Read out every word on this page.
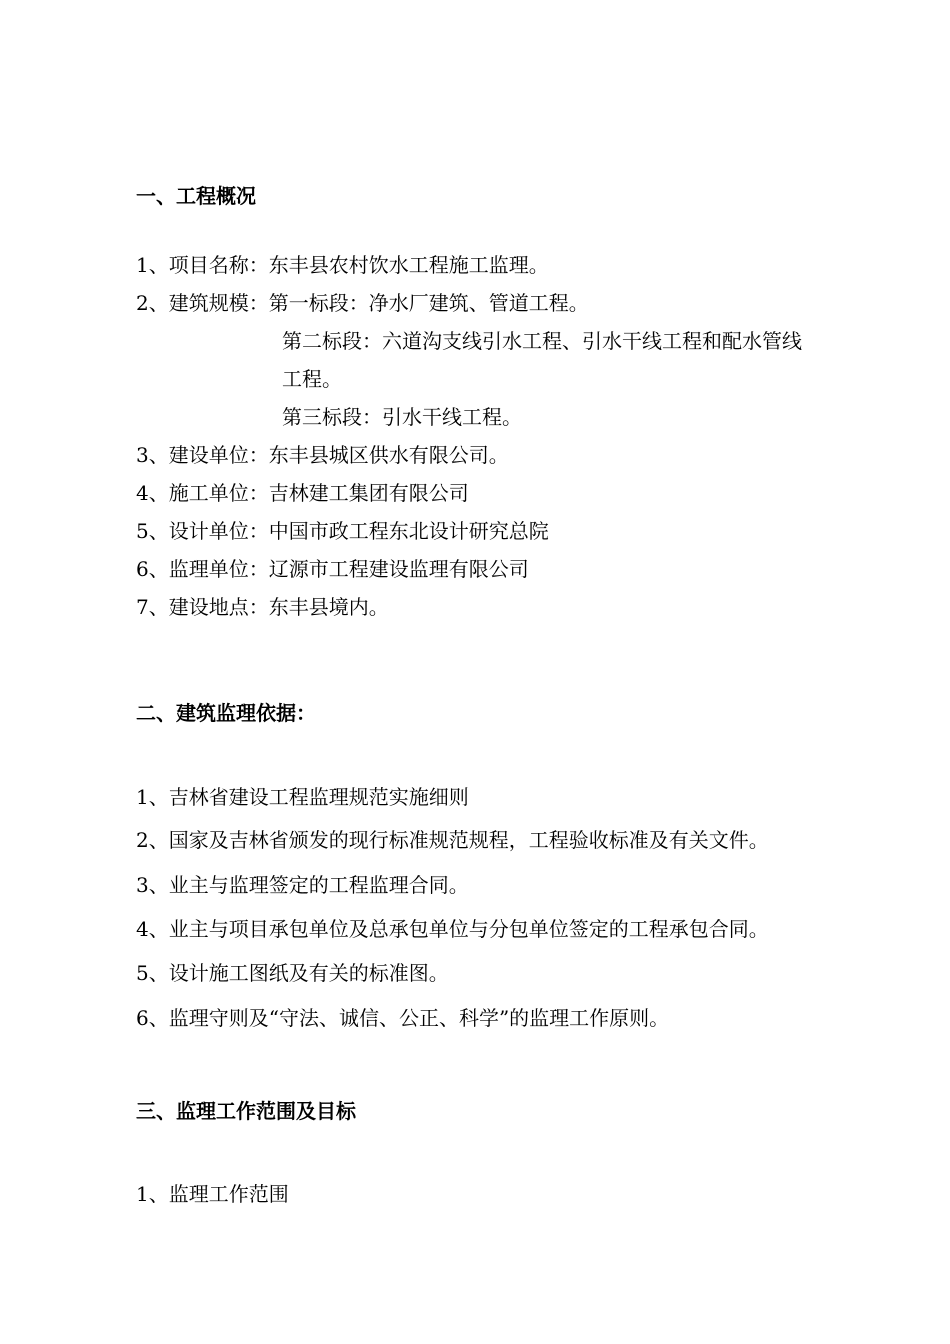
一、工程概况
1、项目名称：东丰县农村饮水工程施工监理。
2、建筑规模：第一标段：净水厂建筑、管道工程。
第二标段：六道沟支线引水工程、引水干线工程和配水管线
工程。
第三标段：引水干线工程。
3、建设单位：东丰县城区供水有限公司。
4、施工单位：吉林建工集团有限公司
5、设计单位：中国市政工程东北设计研究总院
6、监理单位：辽源市工程建设监理有限公司
7、建设地点：东丰县境内。
二、建筑监理依据：
1、吉林省建设工程监理规范实施细则
2、国家及吉林省颁发的现行标准规范规程，工程验收标准及有关文件。
3、业主与监理签定的工程监理合同。
4、业主与项目承包单位及总承包单位与分包单位签定的工程承包合同。
5、设计施工图纸及有关的标准图。
6、监理守则及“守法、诚信、公正、科学”的监理工作原则。
三、监理工作范围及目标
1、监理工作范围
